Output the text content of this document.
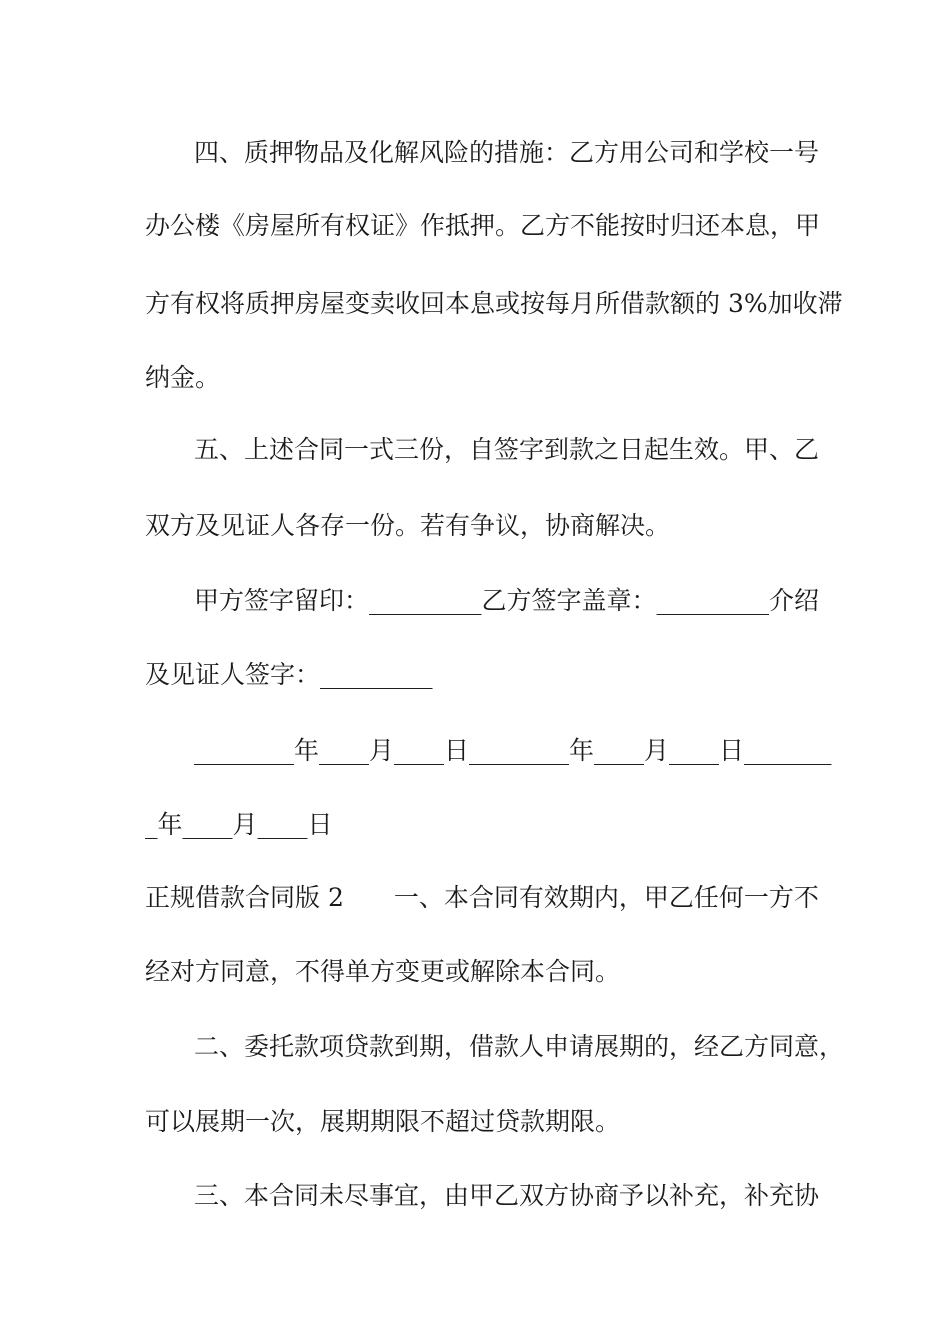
四、质押物品及化解风险的措施：乙方用公司和学校一号
办公楼《房屋所有权证》作抵押。乙方不能按时归还本息，甲
方有权将质押房屋变卖收回本息或按每月所借款额的 3%加收滞
纳金。
五、上述合同一式三份，自签字到款之日起生效。甲、乙
双方及见证人各存一份。若有争议，协商解决。
甲方签字留印：_________乙方签字盖章：_________介绍
及见证人签字：_________
________年____月____日________年____月____日_______
_年____月____日
正规借款合同版 2　　一、本合同有效期内，甲乙任何一方不
经对方同意，不得单方变更或解除本合同。
二、委托款项贷款到期，借款人申请展期的，经乙方同意，
可以展期一次，展期期限不超过贷款期限。
三、本合同未尽事宜，由甲乙双方协商予以补充，补充协
